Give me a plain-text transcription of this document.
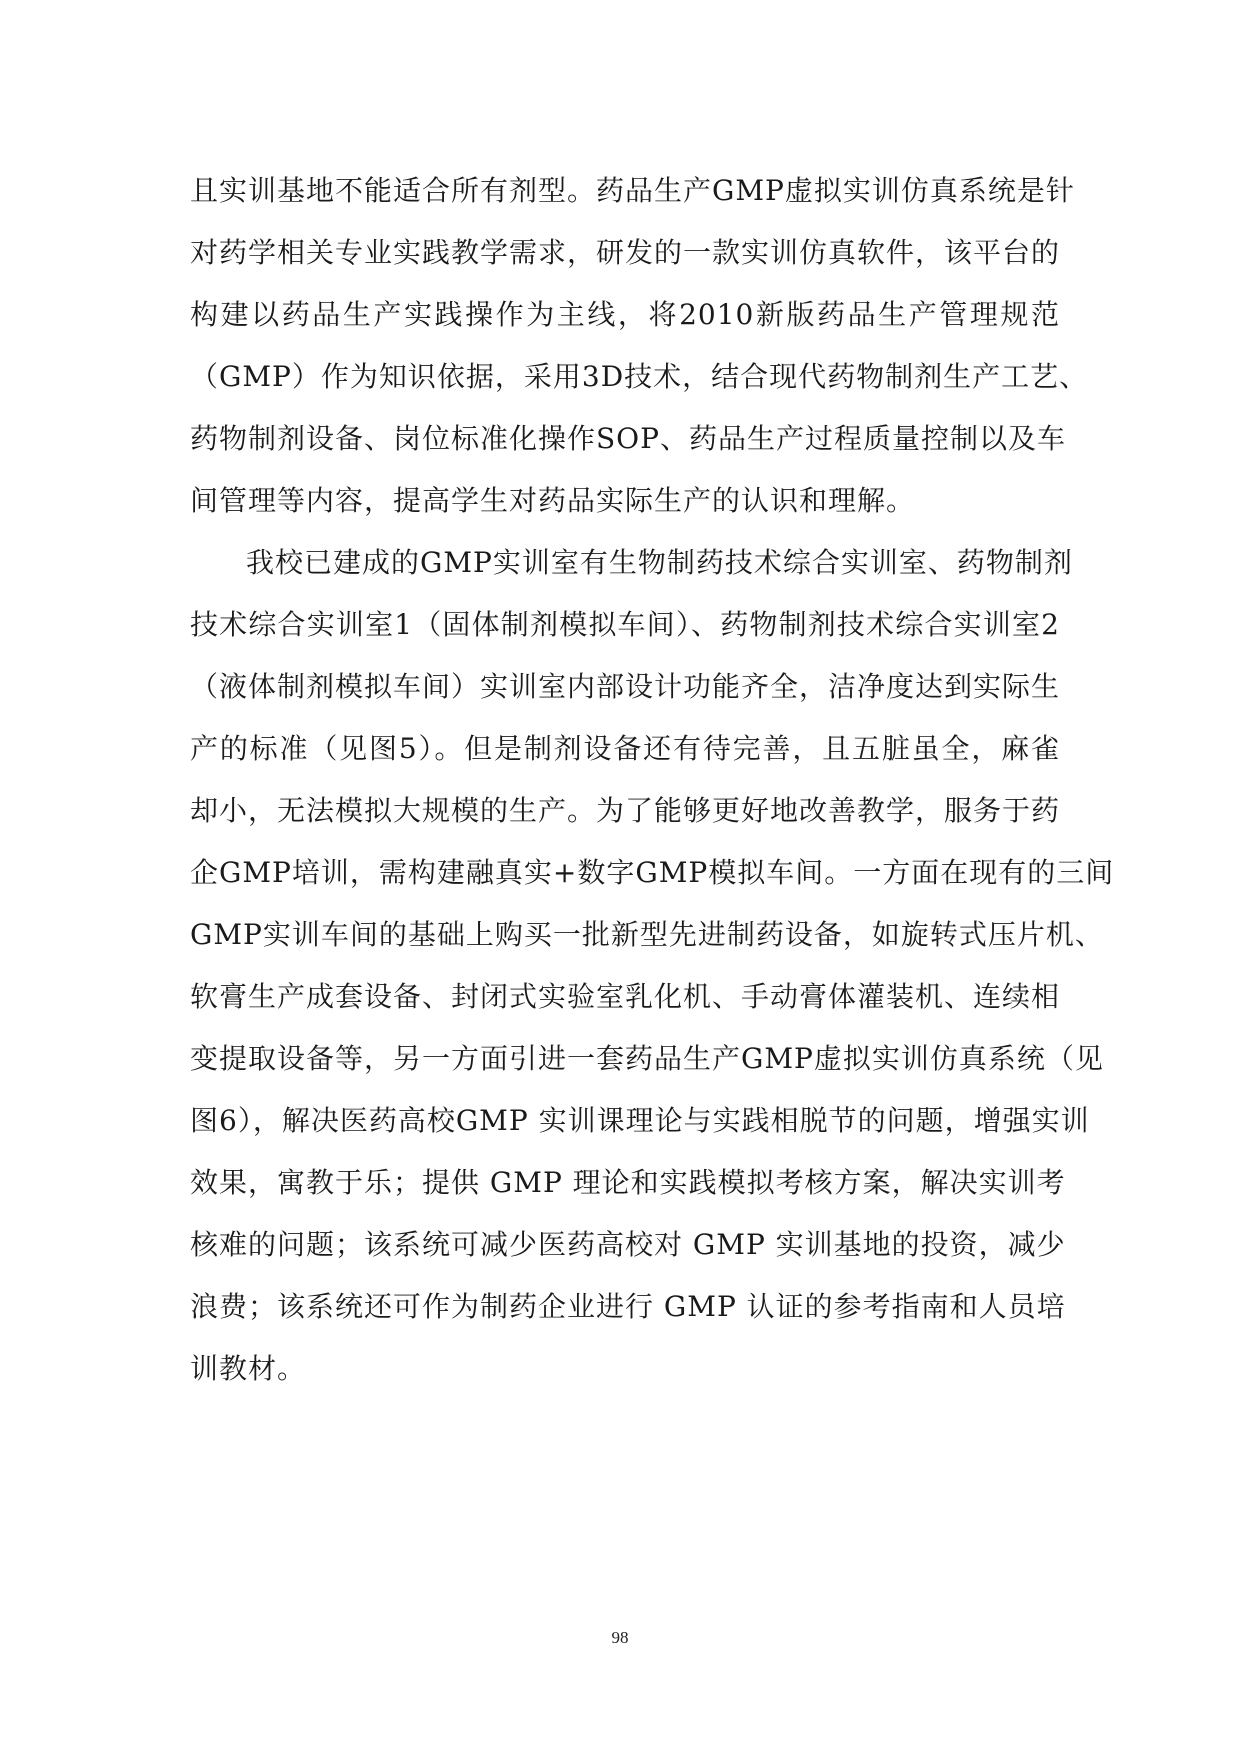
且实训基地不能适合所有剂型。药品生产GMP虚拟实训仿真系统是针
对药学相关专业实践教学需求，研发的一款实训仿真软件，该平台的
构建以药品生产实践操作为主线，将2010新版药品生产管理规范
（GMP）作为知识依据，采用3D技术，结合现代药物制剂生产工艺、
药物制剂设备、岗位标准化操作SOP、药品生产过程质量控制以及车
间管理等内容，提高学生对药品实际生产的认识和理解。
我校已建成的GMP实训室有生物制药技术综合实训室、药物制剂
技术综合实训室1（固体制剂模拟车间）、药物制剂技术综合实训室2
（液体制剂模拟车间）实训室内部设计功能齐全，洁净度达到实际生
产的标准（见图5）。但是制剂设备还有待完善，且五脏虽全，麻雀
却小，无法模拟大规模的生产。为了能够更好地改善教学，服务于药
企GMP培训，需构建融真实+数字GMP模拟车间。一方面在现有的三间
GMP实训车间的基础上购买一批新型先进制药设备，如旋转式压片机、
软膏生产成套设备、封闭式实验室乳化机、手动膏体灌装机、连续相
变提取设备等，另一方面引进一套药品生产GMP虚拟实训仿真系统（见
图6），解决医药高校GMP 实训课理论与实践相脱节的问题，增强实训
效果，寓教于乐；提供 GMP 理论和实践模拟考核方案，解决实训考
核难的问题；该系统可减少医药高校对 GMP 实训基地的投资，减少
浪费；该系统还可作为制药企业进行 GMP 认证的参考指南和人员培
训教材。
98
